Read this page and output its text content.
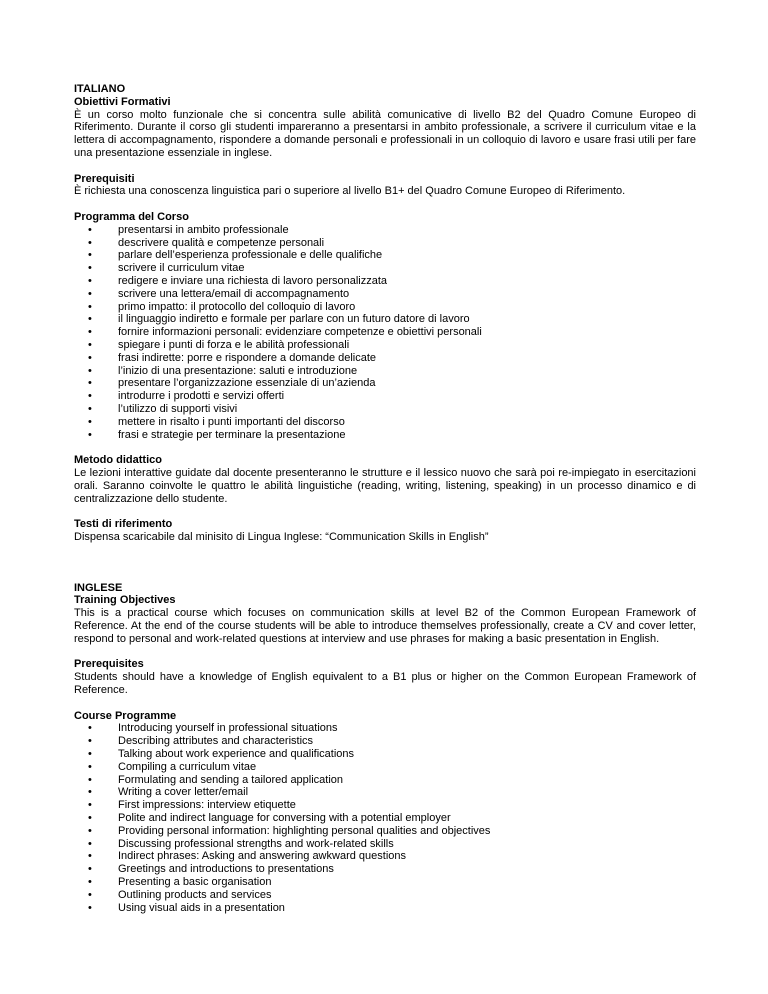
ITALIANO
Obiettivi Formativi
È un corso molto funzionale che si concentra sulle abilità comunicative di livello B2 del Quadro Comune Europeo di Riferimento. Durante il corso gli studenti impareranno a presentarsi in ambito professionale, a scrivere il curriculum vitae e la lettera di accompagnamento, rispondere a domande personali e professionali in un colloquio di lavoro e usare frasi utili per fare una presentazione essenziale in inglese.
Prerequisiti
È richiesta una conoscenza linguistica pari o superiore al livello B1+ del Quadro Comune Europeo di Riferimento.
Programma del Corso
• presentarsi in ambito professionale
• descrivere qualità e competenze personali
• parlare dell’esperienza professionale e delle qualifiche
• scrivere il curriculum vitae
• redigere e inviare una richiesta di lavoro personalizzata
• scrivere una lettera/email di accompagnamento
• primo impatto: il protocollo del colloquio di lavoro
• il linguaggio indiretto e formale per parlare con un futuro datore di lavoro
• fornire informazioni personali: evidenziare competenze e obiettivi personali
• spiegare i punti di forza e le abilità professionali
• frasi indirette: porre e rispondere a domande delicate
• l’inizio di una presentazione: saluti e introduzione
• presentare l’organizzazione essenziale di un’azienda
• introdurre i prodotti e servizi offerti
• l’utilizzo di supporti visivi
• mettere in risalto i punti importanti del discorso
• frasi e strategie per terminare la presentazione
Metodo didattico
Le lezioni interattive guidate dal docente presenteranno le strutture e il lessico nuovo che sarà poi re-impiegato in esercitazioni orali. Saranno coinvolte le quattro le abilità linguistiche (reading, writing, listening, speaking) in un processo dinamico e di centralizzazione dello studente.
Testi di riferimento
Dispensa scaricabile dal minisito di Lingua Inglese: “Communication Skills in English”
INGLESE
Training Objectives
This is a practical course which focuses on communication skills at level B2 of the Common European Framework of Reference. At the end of the course students will be able to introduce themselves professionally, create a CV and cover letter, respond to personal and work-related questions at interview and use phrases for making a basic presentation in English.
Prerequisites
Students should have a knowledge of English equivalent to a B1 plus or higher on the Common European Framework of Reference.
Course Programme
• Introducing yourself in professional situations
• Describing attributes and characteristics
• Talking about work experience and qualifications
• Compiling a curriculum vitae
• Formulating and sending a tailored application
• Writing a cover letter/email
• First impressions: interview etiquette
• Polite and indirect language for conversing with a potential employer
• Providing personal information: highlighting personal qualities and objectives
• Discussing professional strengths and work-related skills
• Indirect phrases: Asking and answering awkward questions
• Greetings and introductions to presentations
• Presenting a basic organisation
• Outlining products and services
• Using visual aids in a presentation
